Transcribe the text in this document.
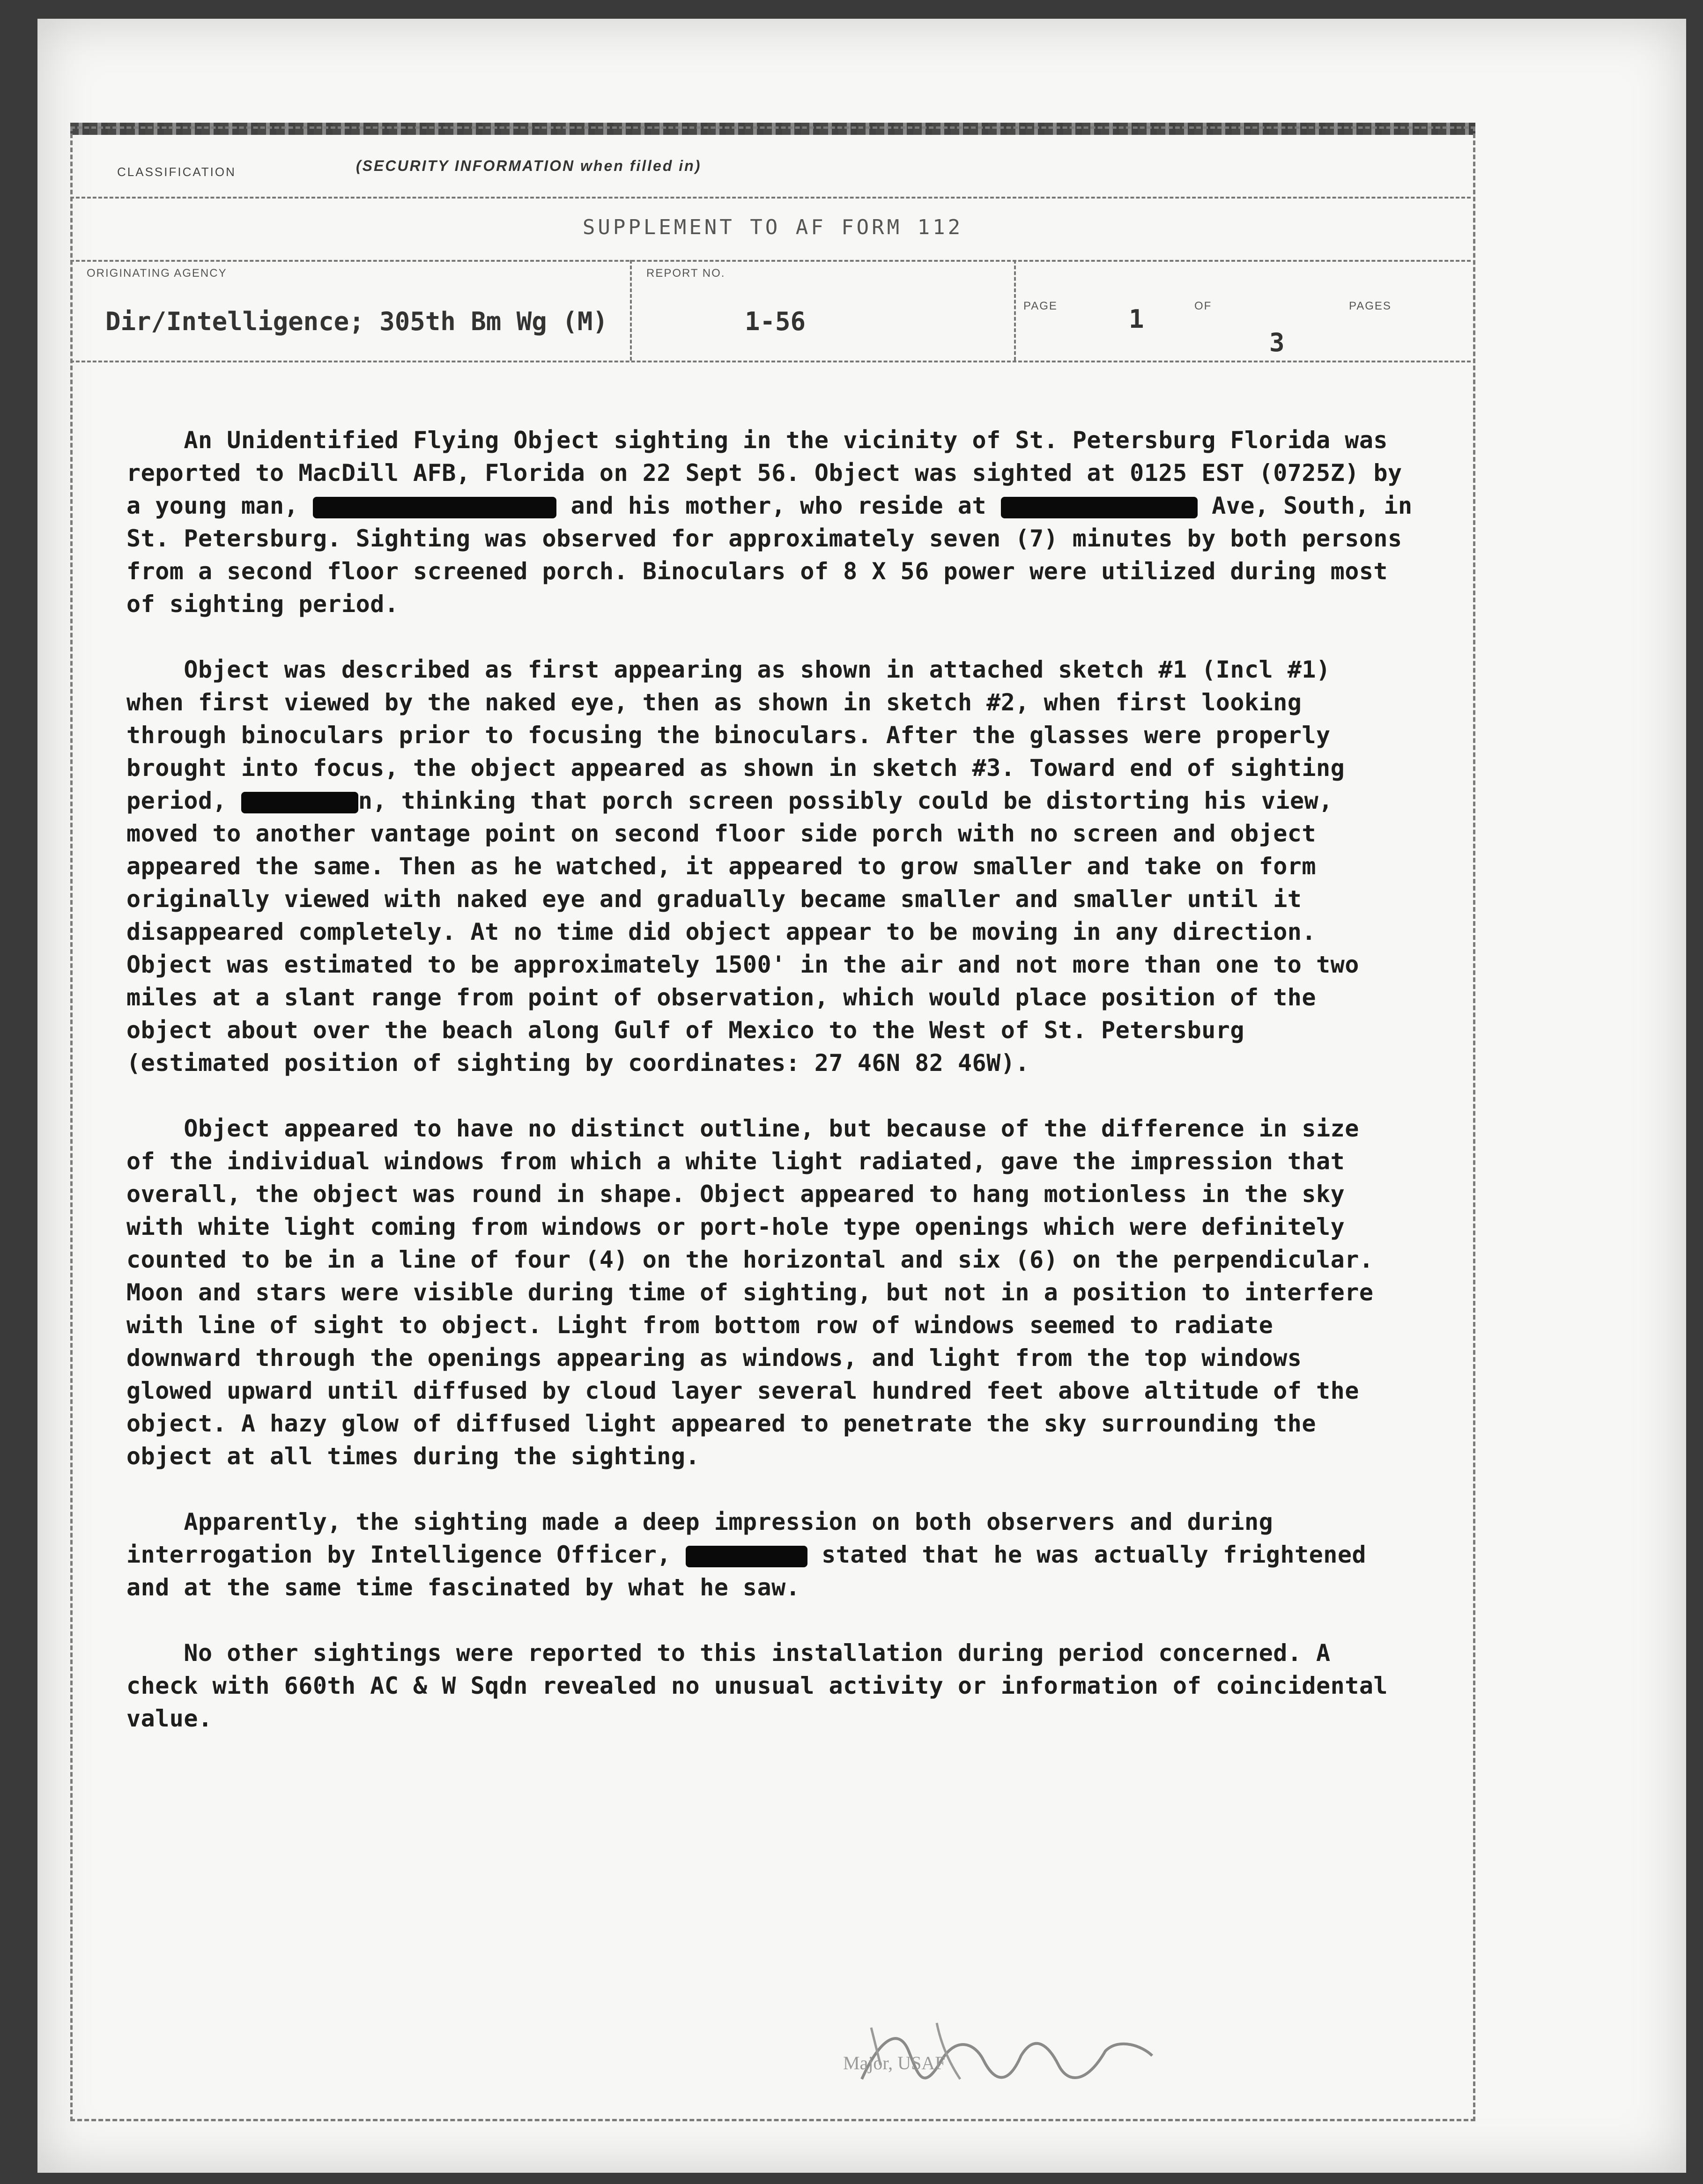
CLASSIFICATION	(SECURITY INFORMATION when filled in)
SUPPLEMENT TO AF FORM 112
ORIGINATING AGENCY
Dir/Intelligence; 305th Bm Wg (M)
REPORT NO.
1-56
PAGE	1	OF	PAGES
3

An Unidentified Flying Object sighting in the vicinity of St. Petersburg Florida was reported to MacDill AFB, Florida on 22 Sept 56. Object was sighted at 0125 EST (0725Z) by a young man,	and his mother, who reside at	Ave, South, in St. Petersburg. Sighting was observed for approximately seven (7) minutes by both persons from a second floor screened porch. Binoculars of 8 X 56 power were utilized during most of sighting period.

Object was described as first appearing as shown in attached sketch #1 (Incl #1) when first viewed by the naked eye, then as shown in sketch #2, when first looking through binoculars prior to focusing the binoculars. After the glasses were properly brought into focus, the object appeared as shown in sketch #3. Toward end of sighting period,	n, thinking that porch screen possibly could be distorting his view, moved to another vantage point on second floor side porch with no screen and object appeared the same. Then as he watched, it appeared to grow smaller and take on form originally viewed with naked eye and gradually became smaller and smaller until it disappeared completely. At no time did object appear to be moving in any direction. Object was estimated to be approximately 1500' in the air and not more than one to two miles at a slant range from point of observation, which would place position of the object about over the beach along Gulf of Mexico to the West of St. Petersburg (estimated position of sighting by coordinates: 27 46N 82 46W).

Object appeared to have no distinct outline, but because of the difference in size of the individual windows from which a white light radiated, gave the impression that overall, the object was round in shape. Object appeared to hang motionless in the sky with white light coming from windows or port-hole type openings which were definitely counted to be in a line of four (4) on the horizontal and six (6) on the perpendicular. Moon and stars were visible during time of sighting, but not in a position to interfere with line of sight to object. Light from bottom row of windows seemed to radiate downward through the openings appearing as windows, and light from the top windows glowed upward until diffused by cloud layer several hundred feet above altitude of the object. A hazy glow of diffused light appeared to penetrate the sky surrounding the object at all times during the sighting.

Apparently, the sighting made a deep impression on both observers and during interrogation by Intelligence Officer,	stated that he was actually frightened and at the same time fascinated by what he saw.

No other sightings were reported to this installation during period concerned. A check with 660th AC & W Sqdn revealed no unusual activity or information of coincidental value.

Major, USAF
